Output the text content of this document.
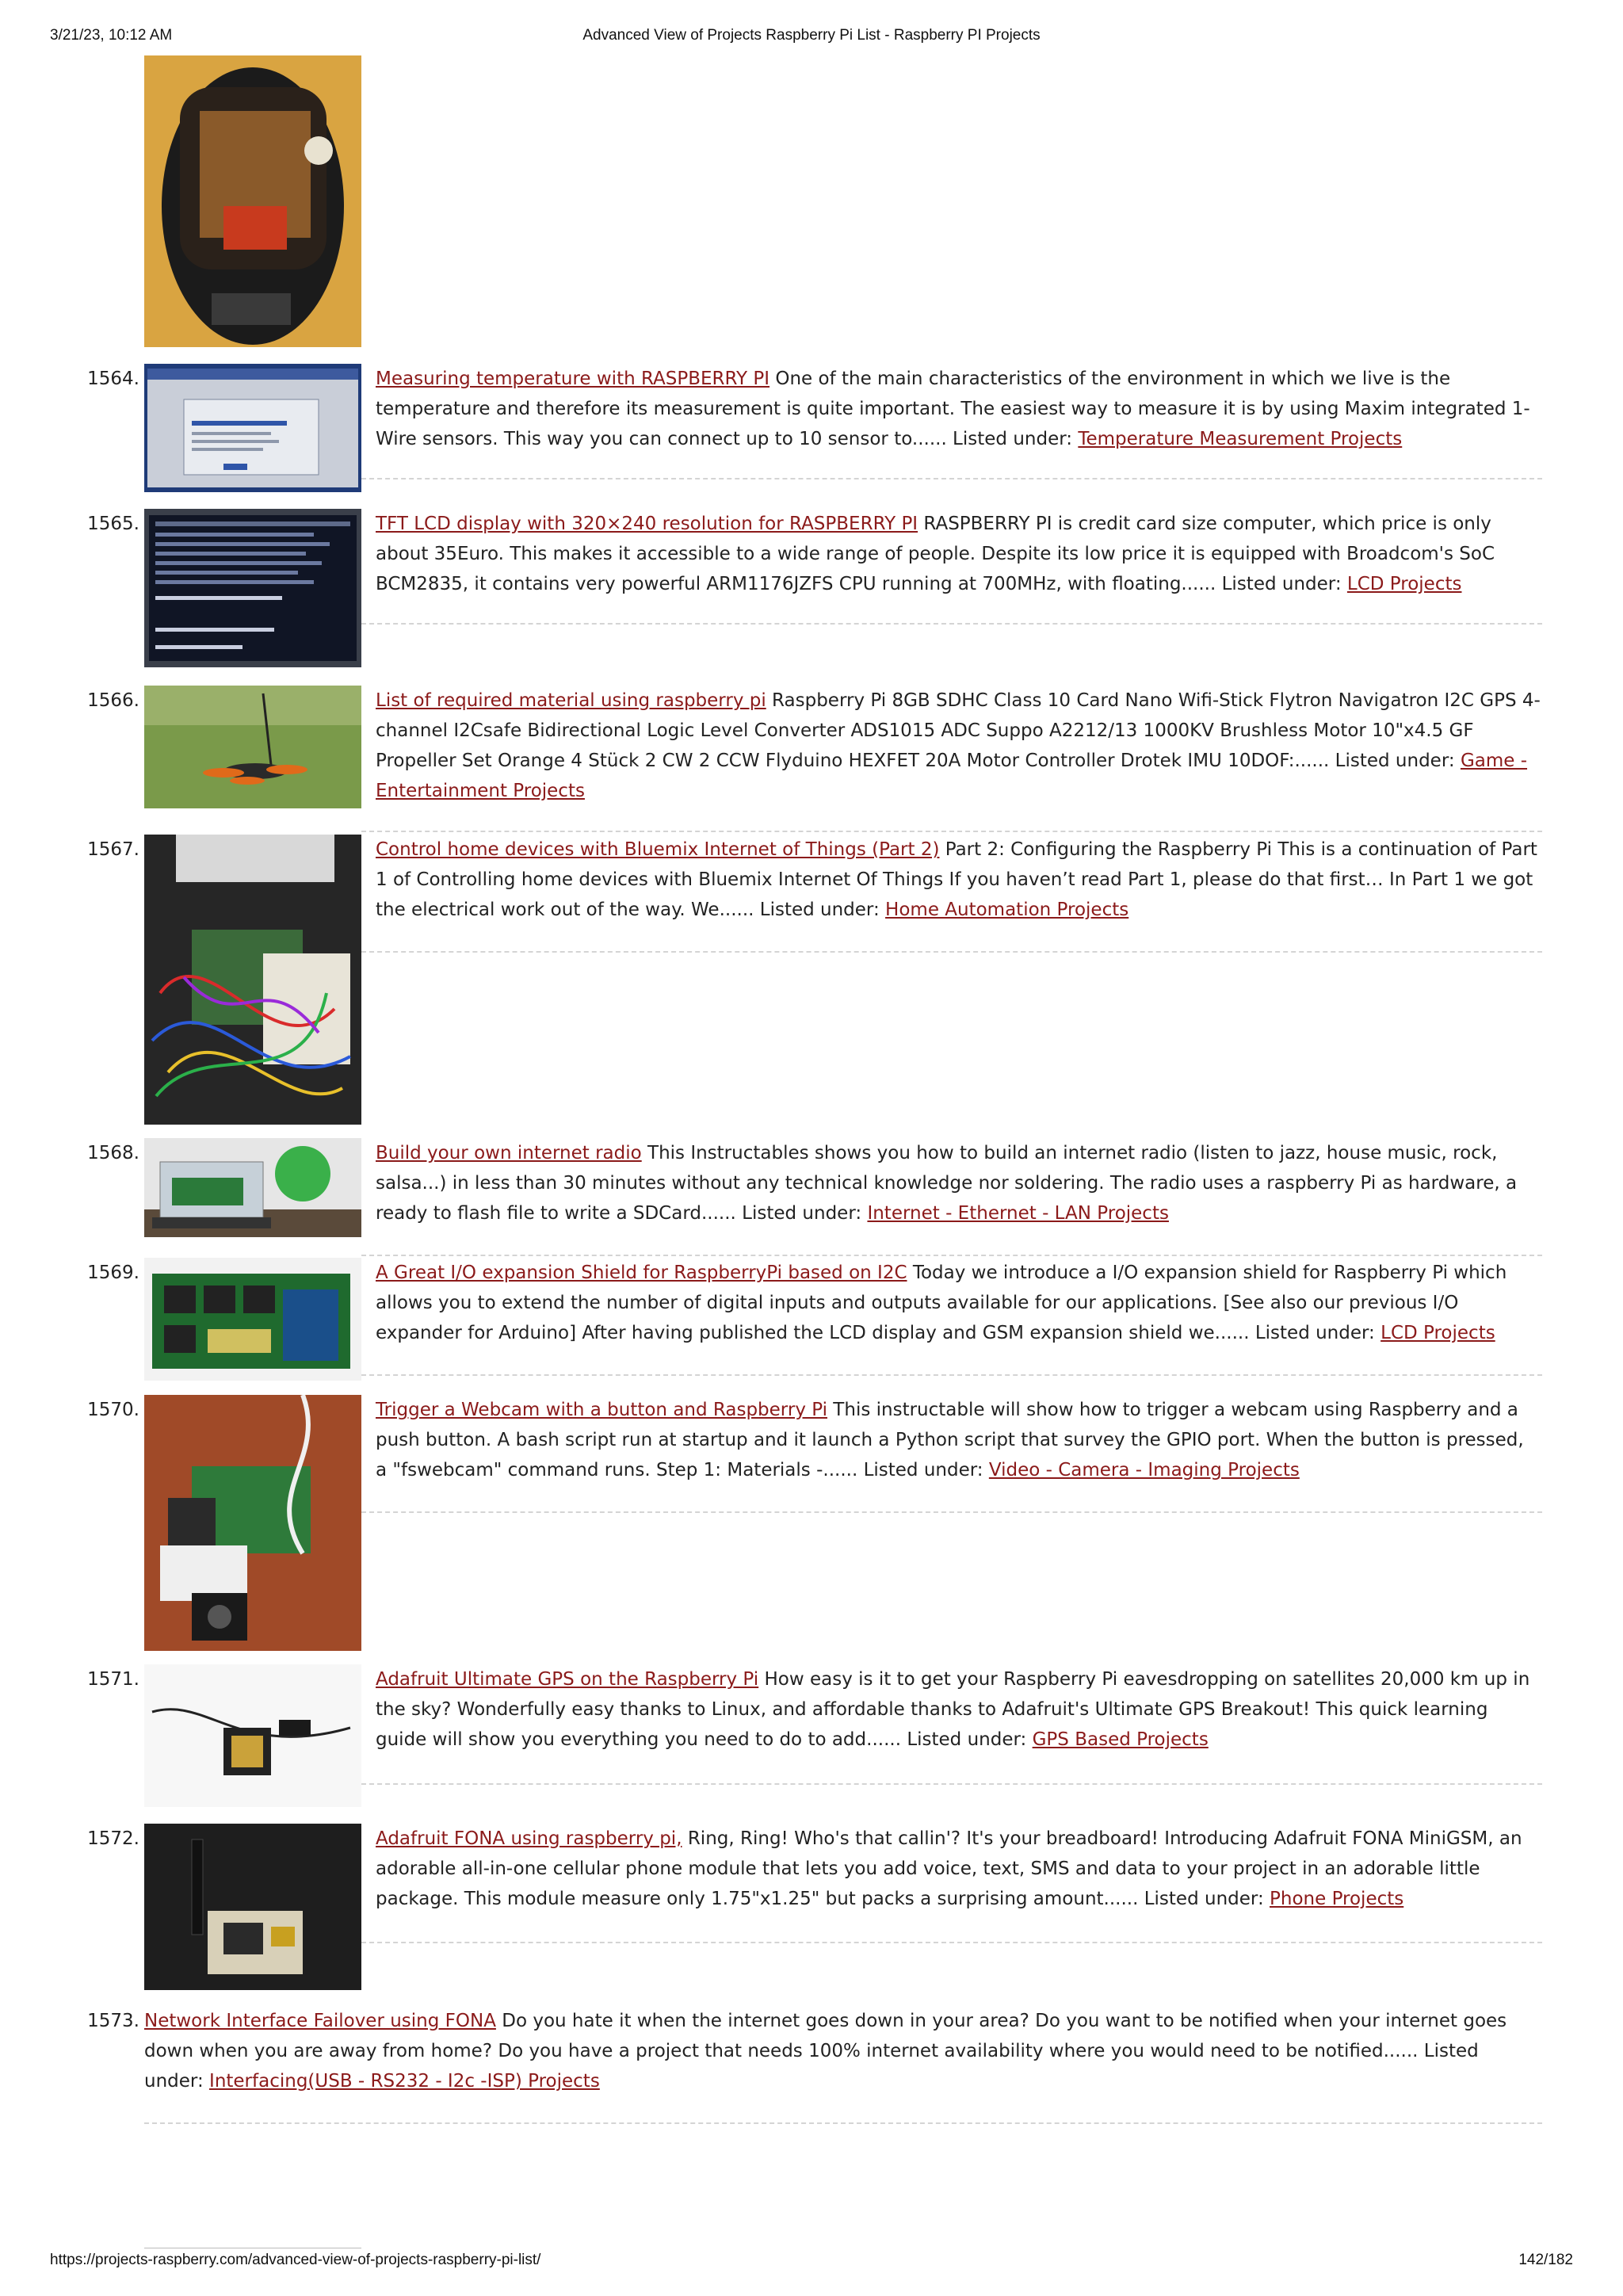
3/21/23, 10:12 AM	Advanced View of Projects Raspberry Pi List - Raspberry PI Projects
1564.	Measuring temperature with RASPBERRY PI One of the main characteristics of the environment in which we live is the temperature and therefore its measurement is quite important. The easiest way to measure it is by using Maxim integrated 1-Wire sensors. This way you can connect up to 10 sensor to...... Listed under: Temperature Measurement Projects
1565.	TFT LCD display with 320×240 resolution for RASPBERRY PI RASPBERRY PI is credit card size computer, which price is only about 35Euro. This makes it accessible to a wide range of people. Despite its low price it is equipped with Broadcom's SoC BCM2835, it contains very powerful ARM1176JZFS CPU running at 700MHz, with floating...... Listed under: LCD Projects
1566.	List of required material using raspberry pi Raspberry Pi 8GB SDHC Class 10 Card Nano Wifi-Stick Flytron Navigatron I2C GPS 4-channel I2Csafe Bidirectional Logic Level Converter ADS1015 ADC Suppo A2212/13 1000KV Brushless Motor 10"x4.5 GF Propeller Set Orange 4 Stück 2 CW 2 CCW Flyduino HEXFET 20A Motor Controller Drotek IMU 10DOF:...... Listed under: Game - Entertainment Projects
1567.	Control home devices with Bluemix Internet of Things (Part 2) Part 2: Configuring the Raspberry Pi This is a continuation of Part 1 of Controlling home devices with Bluemix Internet Of Things If you haven’t read Part 1, please do that first… In Part 1 we got the electrical work out of the way. We...... Listed under: Home Automation Projects
1568.	Build your own internet radio This Instructables shows you how to build an internet radio (listen to jazz, house music, rock, salsa...) in less than 30 minutes without any technical knowledge nor soldering. The radio uses a raspberry Pi as hardware, a ready to flash file to write a SDCard...... Listed under: Internet - Ethernet - LAN Projects
1569.	A Great I/O expansion Shield for RaspberryPi based on I2C Today we introduce a I/O expansion shield for Raspberry Pi which allows you to extend the number of digital inputs and outputs available for our applications. [See also our previous I/O expander for Arduino] After having published the LCD display and GSM expansion shield we...... Listed under: LCD Projects
1570.	Trigger a Webcam with a button and Raspberry Pi This instructable will show how to trigger a webcam using Raspberry and a push button. A bash script run at startup and it launch a Python script that survey the GPIO port. When the button is pressed, a "fswebcam" command runs. Step 1: Materials -...... Listed under: Video - Camera - Imaging Projects
1571.	Adafruit Ultimate GPS on the Raspberry Pi How easy is it to get your Raspberry Pi eavesdropping on satellites 20,000 km up in the sky? Wonderfully easy thanks to Linux, and affordable thanks to Adafruit's Ultimate GPS Breakout! This quick learning guide will show you everything you need to do to add...... Listed under: GPS Based Projects
1572.	Adafruit FONA using raspberry pi, Ring, Ring! Who's that callin'? It's your breadboard! Introducing Adafruit FONA MiniGSM, an adorable all-in-one cellular phone module that lets you add voice, text, SMS and data to your project in an adorable little package. This module measure only 1.75"x1.25" but packs a surprising amount...... Listed under: Phone Projects
1573. Network Interface Failover using FONA Do you hate it when the internet goes down in your area? Do you want to be notified when your internet goes down when you are away from home? Do you have a project that needs 100% internet availability where you would need to be notified...... Listed under: Interfacing(USB - RS232 - I2c -ISP) Projects
https://projects-raspberry.com/advanced-view-of-projects-raspberry-pi-list/	142/182
